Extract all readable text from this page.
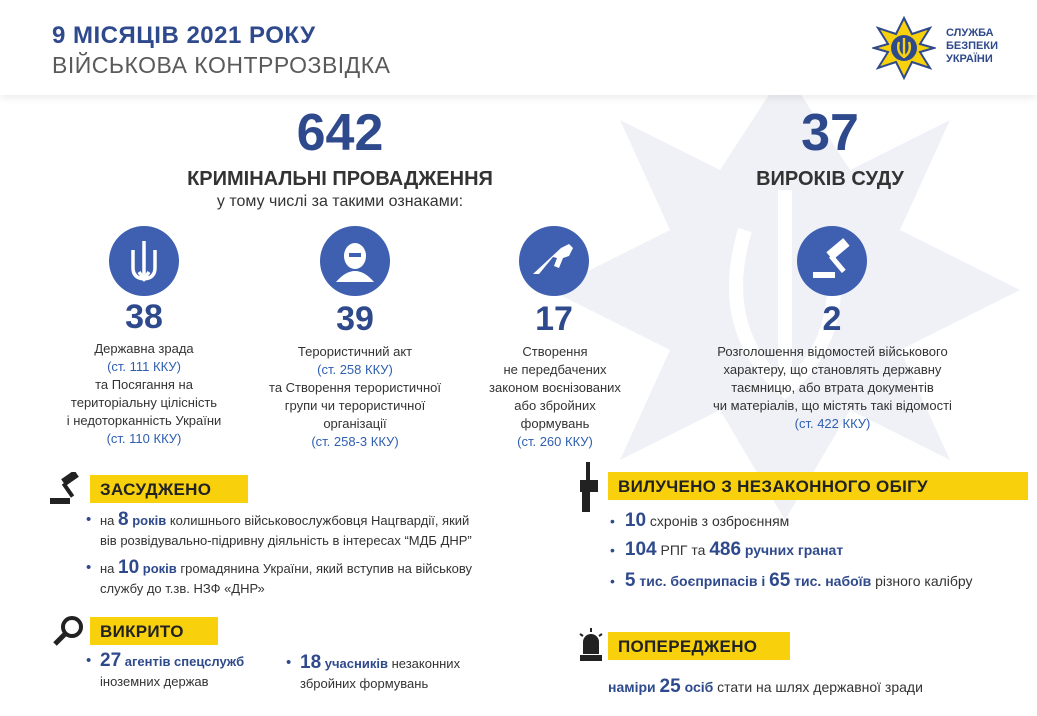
9 МІСЯЦІВ 2021 РОКУ
ВІЙСЬКОВА КОНТРРОЗВІДКА
СЛУЖБА
БЕЗПЕКИ
УКРАЇНИ
642
КРИМІНАЛЬНІ ПРОВАДЖЕННЯ
у тому числі за такими ознаками:
37
ВИРОКІВ СУДУ
38
Державна зрада
(ст. 111 ККУ)
та Посягання на
територіальну цілісність
і недоторканність України
(ст. 110 ККУ)
39
Терористичний акт
(ст. 258 ККУ)
та Створення терористичної
групи чи терористичної
організації
(ст. 258-3 ККУ)
17
Створення
не передбачених
законом воєнізованих
або збройних
формувань
(ст. 260 ККУ)
2
Розголошення відомостей військового
характеру, що становлять державну
таємницю, або втрата документів
чи матеріалів, що містять такі відомості
(ст. 422 ККУ)
ЗАСУДЖЕНО
• на 8 років колишнього військовослужбовця Нацгвардії, який
вів розвідувально-підривну діяльність в інтересах “МДБ ДНР”
• на 10 років громадянина України, який вступив на військову
службу до т.зв. НЗФ «ДНР»
ВИКРИТО
• 27 агентів спецслужб
іноземних держав
• 18 учасників незаконних
збройних формувань
ВИЛУЧЕНО З НЕЗАКОННОГО ОБІГУ
• 10 схронів з озброєнням
• 104 РПГ та 486 ручних гранат
• 5 тис. боєприпасів і 65 тис. набоїв різного калібру
ПОПЕРЕДЖЕНО
наміри 25 осіб стати на шлях державної зради
